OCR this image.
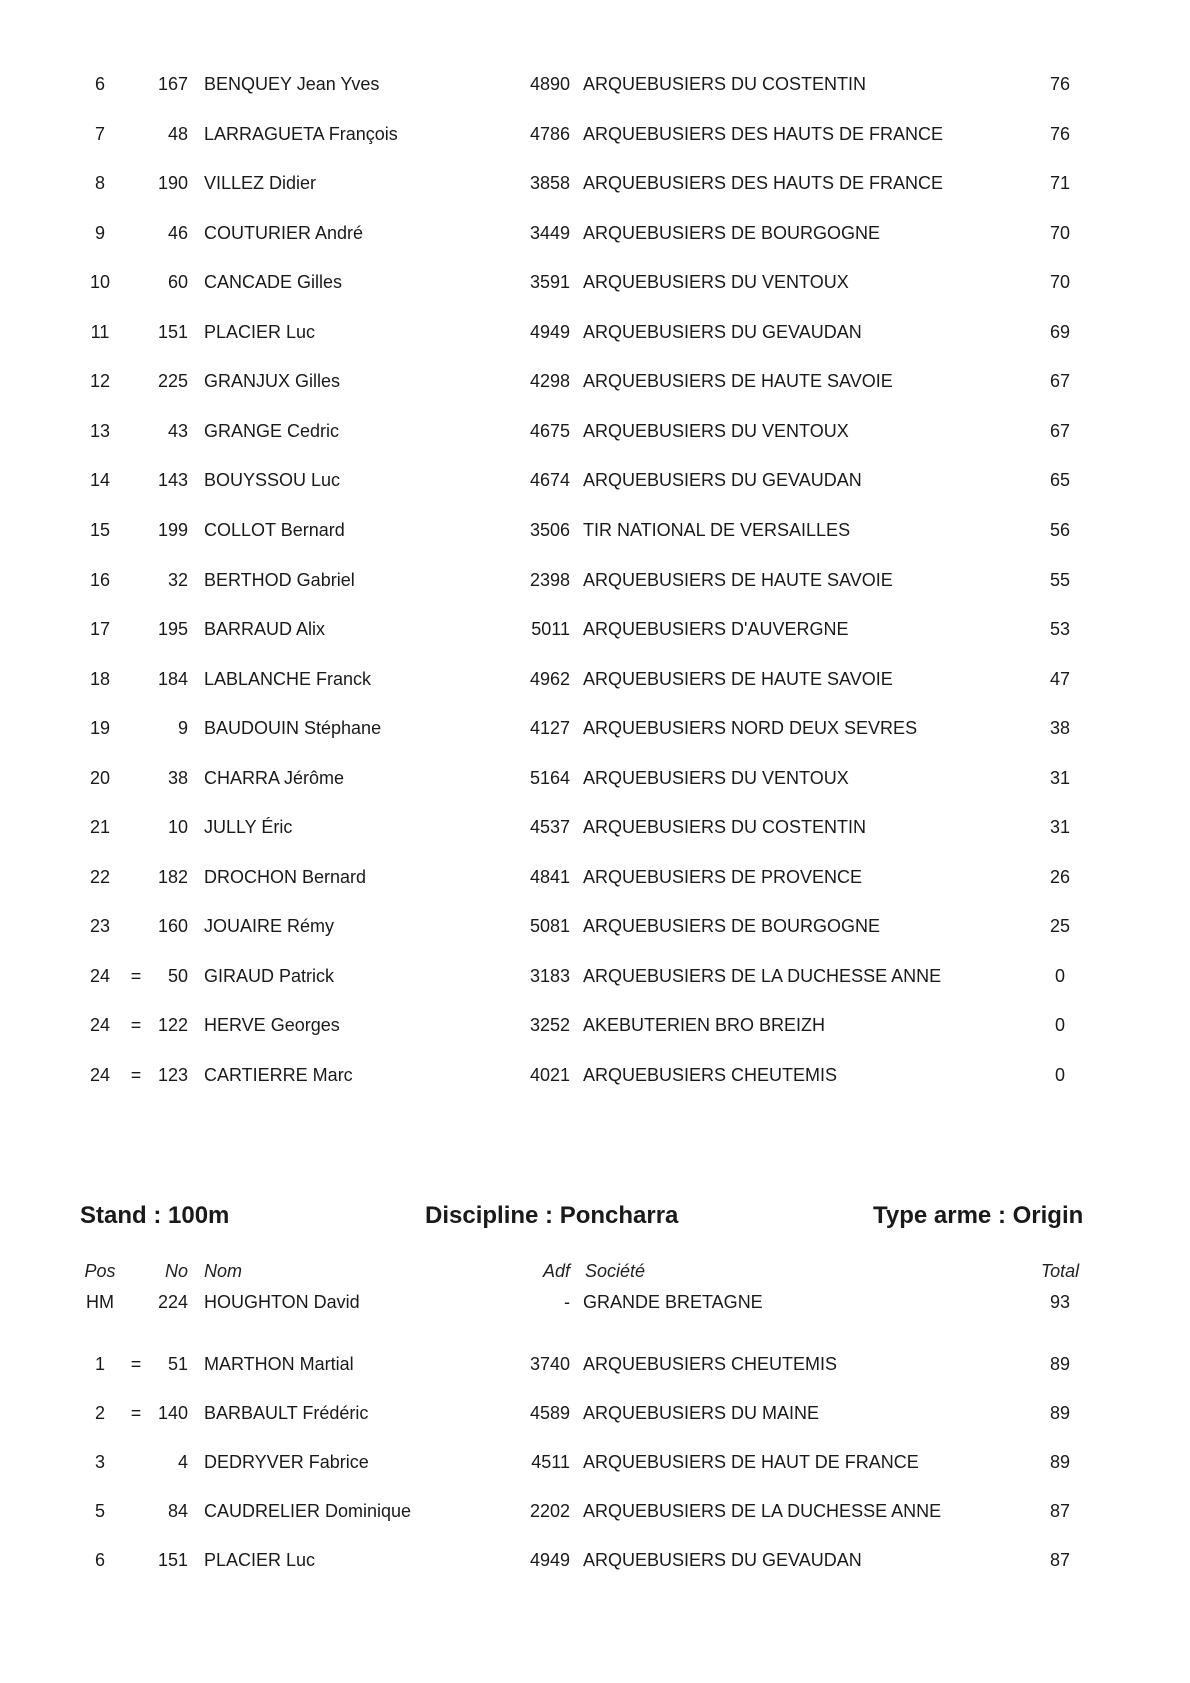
6	167 BENQUEY Jean Yves	4890 ARQUEBUSIERS DU COSTENTIN	76
7	48 LARRAGUETA François	4786 ARQUEBUSIERS DES HAUTS DE FRANCE	76
8	190 VILLEZ Didier	3858 ARQUEBUSIERS DES HAUTS DE FRANCE	71
9	46 COUTURIER André	3449 ARQUEBUSIERS DE BOURGOGNE	70
10	60 CANCADE Gilles	3591 ARQUEBUSIERS DU VENTOUX	70
11	151 PLACIER Luc	4949 ARQUEBUSIERS DU GEVAUDAN	69
12	225 GRANJUX Gilles	4298 ARQUEBUSIERS DE HAUTE SAVOIE	67
13	43 GRANGE Cedric	4675 ARQUEBUSIERS DU VENTOUX	67
14	143 BOUYSSOU Luc	4674 ARQUEBUSIERS DU GEVAUDAN	65
15	199 COLLOT Bernard	3506 TIR NATIONAL DE VERSAILLES	56
16	32 BERTHOD Gabriel	2398 ARQUEBUSIERS DE HAUTE SAVOIE	55
17	195 BARRAUD Alix	5011 ARQUEBUSIERS D'AUVERGNE	53
18	184 LABLANCHE Franck	4962 ARQUEBUSIERS DE HAUTE SAVOIE	47
19	9 BAUDOUIN Stéphane	4127 ARQUEBUSIERS NORD DEUX SEVRES	38
20	38 CHARRA Jérôme	5164 ARQUEBUSIERS DU VENTOUX	31
21	10 JULLY Éric	4537 ARQUEBUSIERS DU COSTENTIN	31
22	182 DROCHON Bernard	4841 ARQUEBUSIERS DE PROVENCE	26
23	160 JOUAIRE Rémy	5081 ARQUEBUSIERS DE BOURGOGNE	25
24	=	50 GIRAUD Patrick	3183 ARQUEBUSIERS DE LA DUCHESSE ANNE	0
24	= 122 HERVE Georges	3252 AKEBUTERIEN BRO BREIZH	0
24	= 123 CARTIERRE Marc	4021 ARQUEBUSIERS CHEUTEMIS	0
Stand : 100m	Discipline : Poncharra	Type arme : Origin
Pos	No Nom	Adf Société	Total
HM	224 HOUGHTON David	- GRANDE BRETAGNE	93
1	=	51 MARTHON Martial	3740 ARQUEBUSIERS CHEUTEMIS	89
2	= 140 BARBAULT Frédéric	4589 ARQUEBUSIERS DU MAINE	89
3	4 DEDRYVER Fabrice	4511 ARQUEBUSIERS DE HAUT DE FRANCE	89
5	84 CAUDRELIER Dominique	2202 ARQUEBUSIERS DE LA DUCHESSE ANNE	87
6	151 PLACIER Luc	4949 ARQUEBUSIERS DU GEVAUDAN	87
